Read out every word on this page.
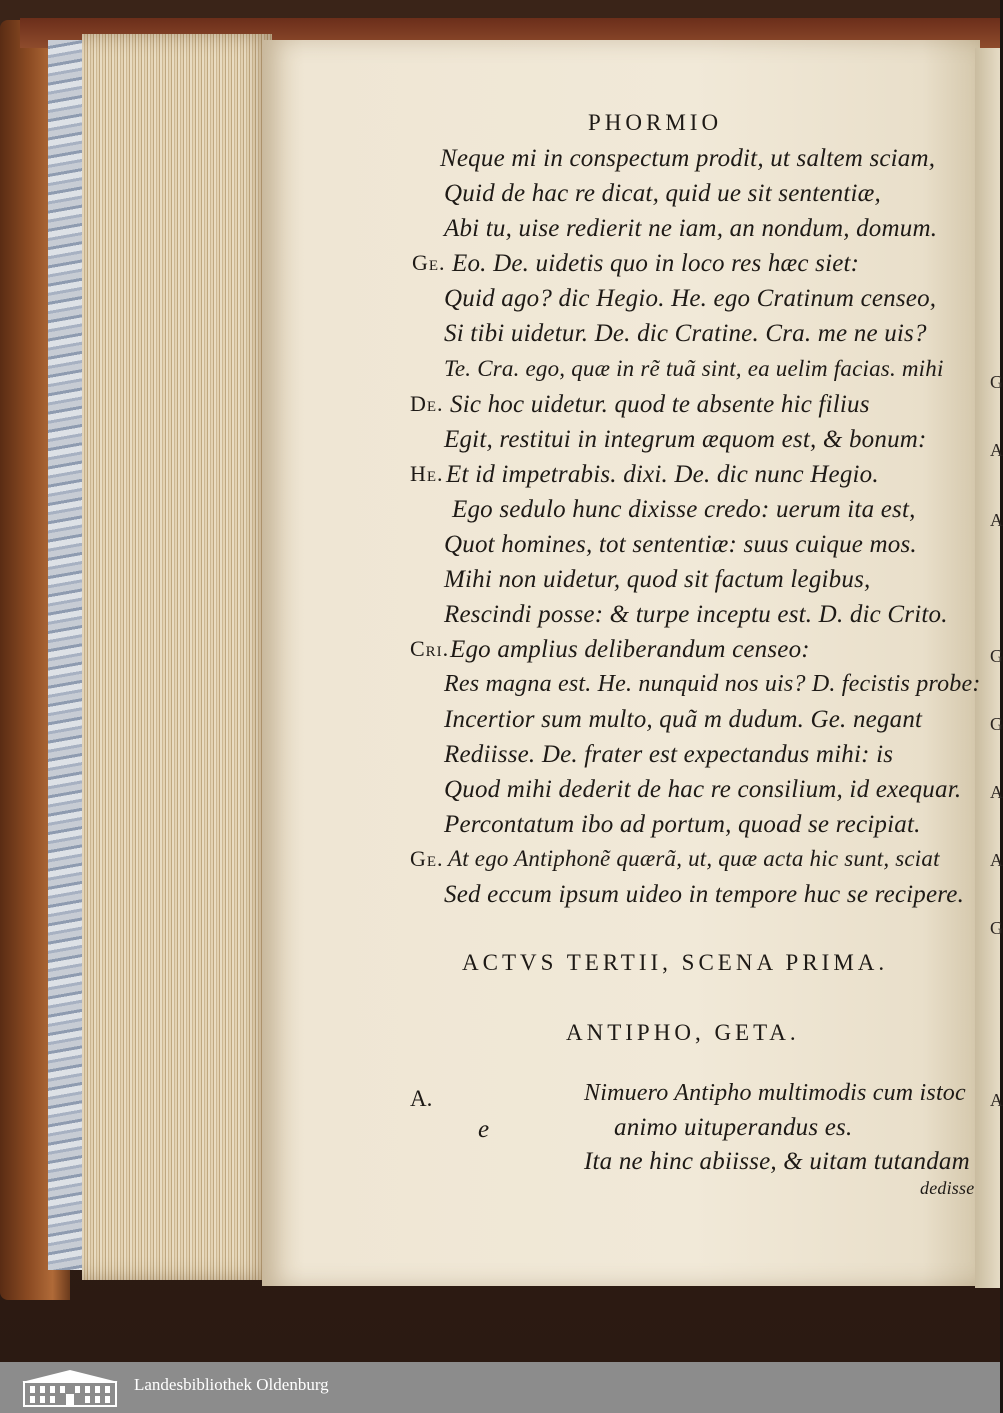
PHORMIO
Neque mi in conspectum prodit, ut saltem sciam,
Quid de hac re dicat, quid ue sit sententiæ,
Abi tu, uise redierit ne iam, an nondum, domum.
Ge. Eo. De. uidetis quo in loco res hæc siet:
Quid ago? dic Hegio. He. ego Cratinum censeo,
Si tibi uidetur. De. dic Cratine. Cra. me ne uis?
Te. Cra. ego, quæ in rẽ tuã sint, ea uelim facias. mihi
De. Sic hoc uidetur. quod te absente hic filius
Egit, restitui in integrum æquom est, & bonum:
He. Et id impetrabis. dixi. De. dic nunc Hegio.
Ego sedulo hunc dixisse credo: uerum ita est,
Quot homines, tot sententiæ: suus cuique mos.
Mihi non uidetur, quod sit factum legibus,
Rescindi posse: & turpe inceptu est. D. dic Crito.
Cri. Ego amplius deliberandum censeo:
Res magna est. He. nunquid nos uis? D. fecistis probe:
Incertior sum multo, quã m dudum. Ge. negant
Rediisse. De. frater est expectandus mihi: is
Quod mihi dederit de hac re consilium, id exequar.
Percontatum ibo ad portum, quoad se recipiat.
Ge. At ego Antiphonẽ quærã, ut, quæ acta hic sunt, sciat
Sed eccum ipsum uideo in tempore huc se recipere.
ACTVS TERTII, SCENA PRIMA.
ANTIPHO, GETA.
A.
e
Nimuero Antipho multimodis cum istoc
animo uituperandus es.
Ita ne hinc abiisse, & uitam tutandam
dedisse
G
A
A
G
G
A
A
G
A
Landesbibliothek Oldenburg
